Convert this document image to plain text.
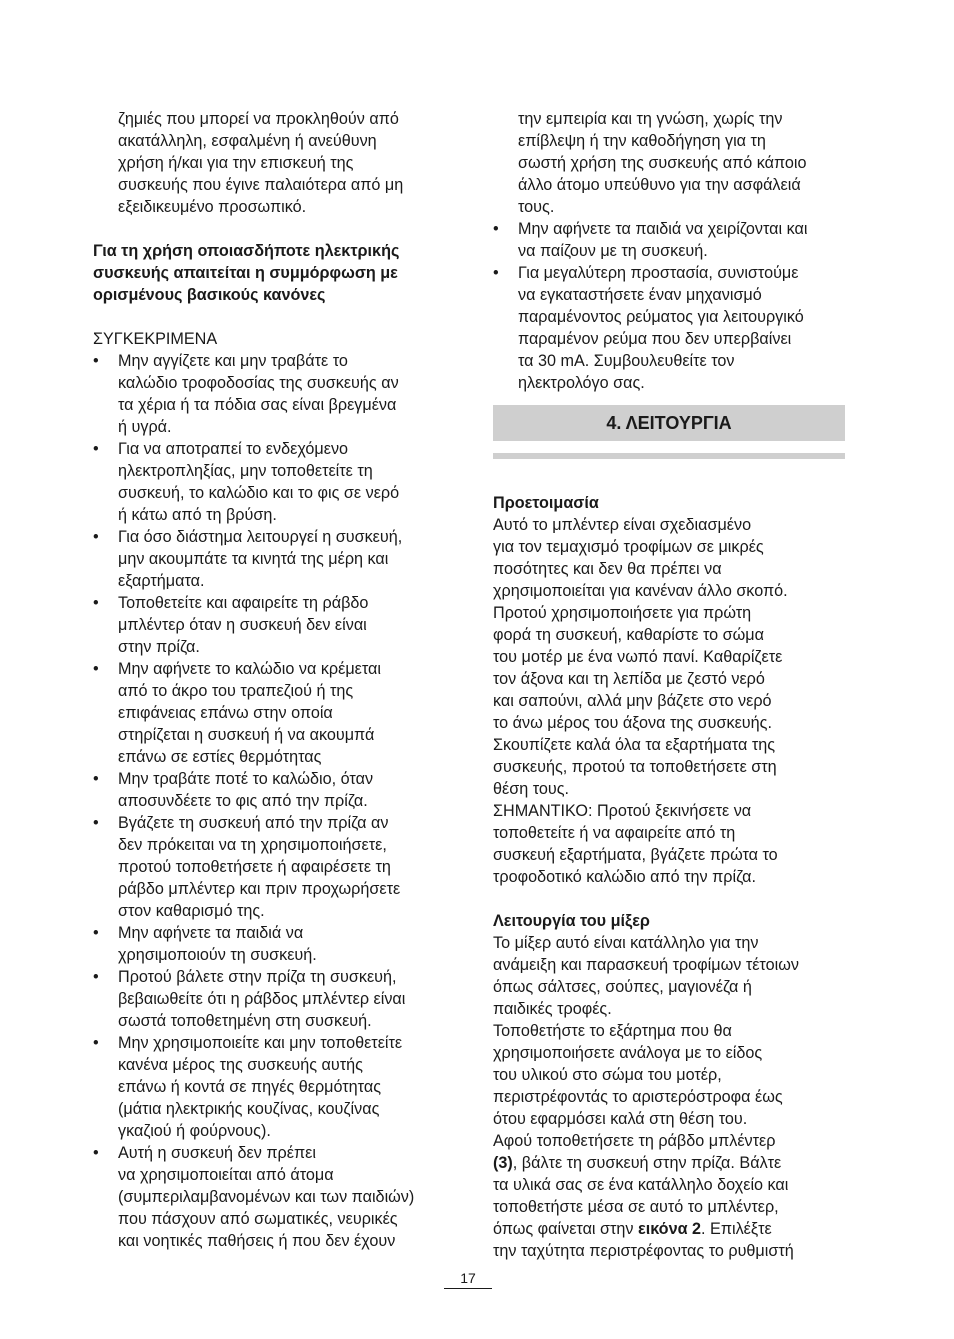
ζημιές που μπορεί να προκληθούν από
ακατάλληλη, εσφαλμένη ή ανεύθυνη
χρήση ή/και για την επισκευή της
συσκευής που έγινε παλαιότερα από μη
εξειδικευμένο προσωπικό.

Για τη χρήση οποιασδήποτε ηλεκτρικής
συσκευής απαιτείται η συμμόρφωση με
ορισμένους βασικούς κανόνες

ΣΥΓΚΕΚΡΙΜΕΝΑ

• Μην αγγίζετε και μην τραβάτε το
καλώδιο τροφοδοσίας της συσκευής αν
τα χέρια ή τα πόδια σας είναι βρεγμένα
ή υγρά.
• Για να αποτραπεί το ενδεχόμενο
ηλεκτροπληξίας, μην τοποθετείτε τη
συσκευή, το καλώδιο και το φις σε νερό
ή κάτω από τη βρύση.
• Για όσο διάστημα λειτουργεί η συσκευή,
μην ακουμπάτε τα κινητά της μέρη και
εξαρτήματα.
• Τοποθετείτε και αφαιρείτε τη ράβδο
μπλέντερ όταν η συσκευή δεν είναι
στην πρίζα.
• Μην αφήνετε το καλώδιο να κρέμεται
από το άκρο του τραπεζιού ή της
επιφάνειας επάνω στην οποία
στηρίζεται η συσκευή ή να ακουμπά
επάνω σε εστίες θερμότητας
• Μην τραβάτε ποτέ το καλώδιο, όταν
αποσυνδέετε το φις από την πρίζα.
• Βγάζετε τη συσκευή από την πρίζα αν
δεν πρόκειται να τη χρησιμοποιήσετε,
προτού τοποθετήσετε ή αφαιρέσετε τη
ράβδο μπλέντερ και πριν προχωρήσετε
στον καθαρισμό της.
• Μην αφήνετε τα παιδιά να
χρησιμοποιούν τη συσκευή.
• Προτού βάλετε στην πρίζα τη συσκευή,
βεβαιωθείτε ότι η ράβδος μπλέντερ είναι
σωστά τοποθετημένη στη συσκευή.
• Μην χρησιμοποιείτε και μην τοποθετείτε
κανένα μέρος της συσκευής αυτής
επάνω ή κοντά σε πηγές θερμότητας
(μάτια ηλεκτρικής κουζίνας, κουζίνας
γκαζιού ή φούρνους).
• Αυτή η συσκευή δεν πρέπει
να χρησιμοποιείται από άτομα
(συμπεριλαμβανομένων και των παιδιών)
που πάσχουν από σωματικές, νευρικές
και νοητικές παθήσεις ή που δεν έχουν

την εμπειρία και τη γνώση, χωρίς την
επίβλεψη ή την καθοδήγηση για τη
σωστή χρήση της συσκευής από κάποιο
άλλο άτομο υπεύθυνο για την ασφάλειά
τους.

• Μην αφήνετε τα παιδιά να χειρίζονται και
να παίζουν με τη συσκευή.
• Για μεγαλύτερη προστασία, συνιστούμε
να εγκαταστήσετε έναν μηχανισμό
παραμένοντος ρεύματος για λειτουργικό
παραμένον ρεύμα που δεν υπερβαίνει
τα 30 mA. Συμβουλευθείτε τον
ηλεκτρολόγο σας.
4. ΛΕΙΤΟΥΡΓΙΑ

Προετοιμασία

Αυτό το μπλέντερ είναι σχεδιασμένο
για τον τεμαχισμό τροφίμων σε μικρές
ποσότητες και δεν θα πρέπει να
χρησιμοποιείται για κανέναν άλλο σκοπό.
Προτού χρησιμοποιήσετε για πρώτη
φορά τη συσκευή, καθαρίστε το σώμα
του μοτέρ με ένα νωπό πανί. Καθαρίζετε
τον άξονα και τη λεπίδα με ζεστό νερό
και σαπούνι, αλλά μην βάζετε στο νερό
το άνω μέρος του άξονα της συσκευής.
Σκουπίζετε καλά όλα τα εξαρτήματα της
συσκευής, προτού τα τοποθετήσετε στη
θέση τους.
ΣΗΜΑΝΤΙΚΟ: Προτού ξεκινήσετε να
τοποθετείτε ή να αφαιρείτε από τη
συσκευή εξαρτήματα, βγάζετε πρώτα το
τροφοδοτικό καλώδιο από την πρίζα.

Λειτουργία του μίξερ

Το μίξερ αυτό είναι κατάλληλο για την
ανάμειξη και παρασκευή τροφίμων τέτοιων
όπως σάλτσες, σούπες, μαγιονέζα ή
παιδικές τροφές.
Τοποθετήστε το εξάρτημα που θα
χρησιμοποιήσετε ανάλογα με το είδος
του υλικού στο σώμα του μοτέρ,
περιστρέφοντάς το αριστερόστροφα έως
ότου εφαρμόσει καλά στη θέση του.
Αφού τοποθετήσετε τη ράβδο μπλέντερ
(3), βάλτε τη συσκευή στην πρίζα. Βάλτε
τα υλικά σας σε ένα κατάλληλο δοχείο και
τοποθετήστε μέσα σε αυτό το μπλέντερ,
όπως φαίνεται στην εικόνα 2. Επιλέξτε
την ταχύτητα περιστρέφοντας το ρυθμιστή

17
